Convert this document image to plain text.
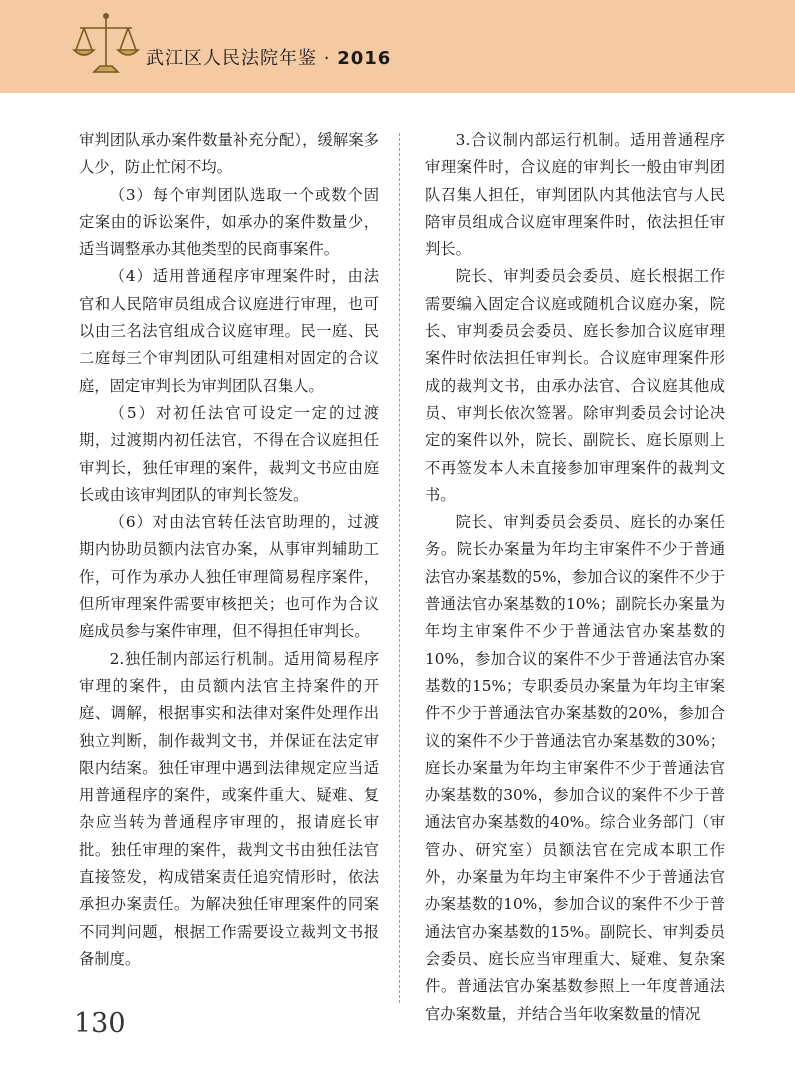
武江区人民法院年鉴 · 2016

审判团队承办案件数量补充分配），缓解案多人少，防止忙闲不均。

（3）每个审判团队选取一个或数个固定案由的诉讼案件，如承办的案件数量少，适当调整承办其他类型的民商事案件。

（4）适用普通程序审理案件时，由法官和人民陪审员组成合议庭进行审理，也可以由三名法官组成合议庭审理。民一庭、民二庭每三个审判团队可组建相对固定的合议庭，固定审判长为审判团队召集人。

（5）对初任法官可设定一定的过渡期，过渡期内初任法官，不得在合议庭担任审判长，独任审理的案件，裁判文书应由庭长或由该审判团队的审判长签发。

（6）对由法官转任法官助理的，过渡期内协助员额内法官办案，从事审判辅助工作，可作为承办人独任审理简易程序案件，但所审理案件需要审核把关；也可作为合议庭成员参与案件审理，但不得担任审判长。

2.独任制内部运行机制。适用简易程序审理的案件，由员额内法官主持案件的开庭、调解，根据事实和法律对案件处理作出独立判断，制作裁判文书，并保证在法定审限内结案。独任审理中遇到法律规定应当适用普通程序的案件，或案件重大、疑难、复杂应当转为普通程序审理的，报请庭长审批。独任审理的案件，裁判文书由独任法官直接签发，构成错案责任追究情形时，依法承担办案责任。为解决独任审理案件的同案不同判问题，根据工作需要设立裁判文书报备制度。

3.合议制内部运行机制。适用普通程序审理案件时，合议庭的审判长一般由审判团队召集人担任，审判团队内其他法官与人民陪审员组成合议庭审理案件时，依法担任审判长。

院长、审判委员会委员、庭长根据工作需要编入固定合议庭或随机合议庭办案，院长、审判委员会委员、庭长参加合议庭审理案件时依法担任审判长。合议庭审理案件形成的裁判文书，由承办法官、合议庭其他成员、审判长依次签署。除审判委员会讨论决定的案件以外，院长、副院长、庭长原则上不再签发本人未直接参加审理案件的裁判文书。

院长、审判委员会委员、庭长的办案任务。院长办案量为年均主审案件不少于普通法官办案基数的5%，参加合议的案件不少于普通法官办案基数的10%；副院长办案量为年均主审案件不少于普通法官办案基数的10%，参加合议的案件不少于普通法官办案基数的15%；专职委员办案量为年均主审案件不少于普通法官办案基数的20%，参加合议的案件不少于普通法官办案基数的30%；庭长办案量为年均主审案件不少于普通法官办案基数的30%，参加合议的案件不少于普通法官办案基数的40%。综合业务部门（审管办、研究室）员额法官在完成本职工作外，办案量为年均主审案件不少于普通法官办案基数的10%，参加合议的案件不少于普通法官办案基数的15%。副院长、审判委员会委员、庭长应当审理重大、疑难、复杂案件。普通法官办案基数参照上一年度普通法官办案数量，并结合当年收案数量的情况

130
